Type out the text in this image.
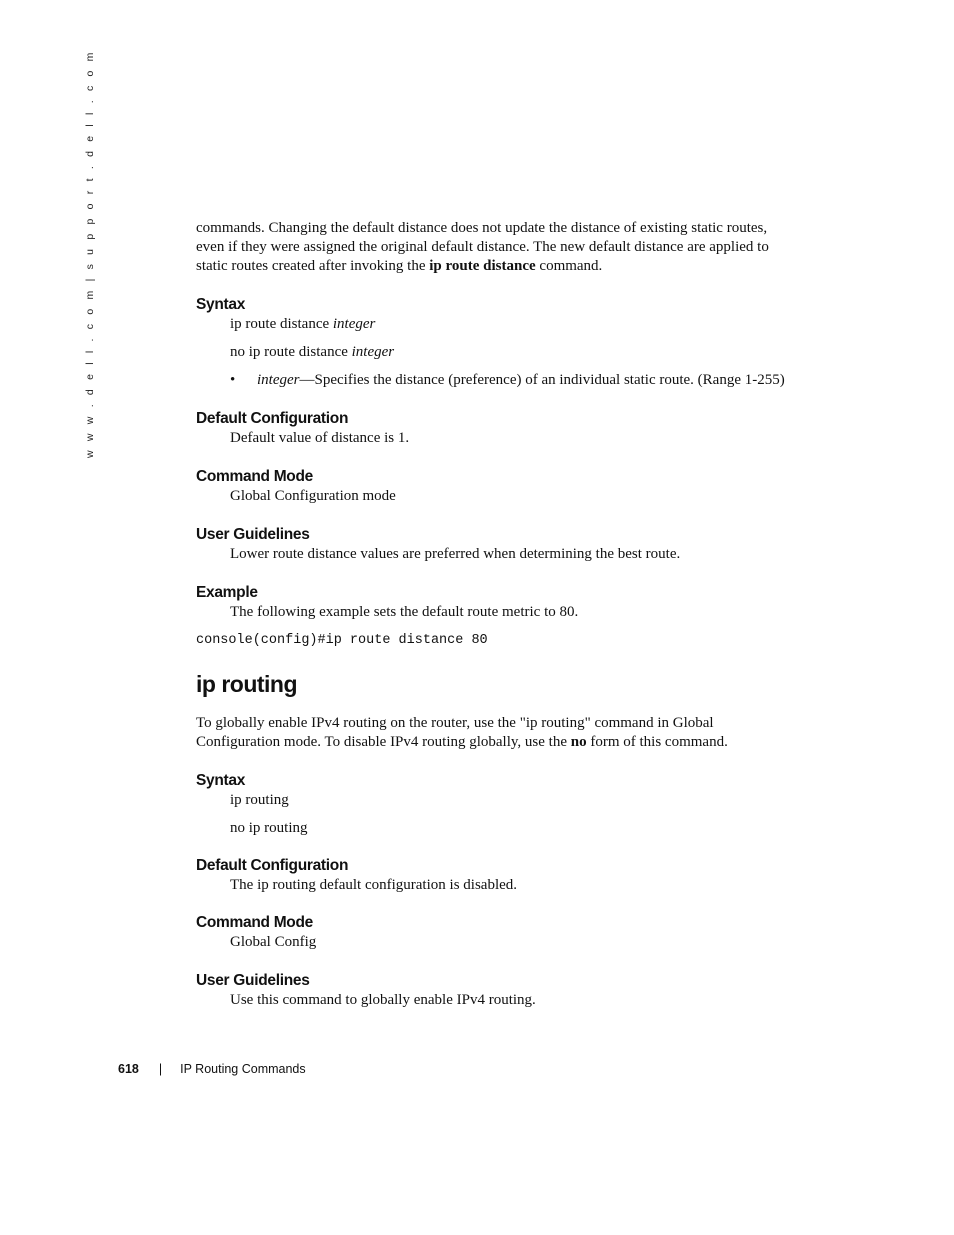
w w w . d e l l . c o m | s u p p o r t . d e l l . c o m	commands. Changing the default distance does not update the distance of existing static routes,
even if they were assigned the original default distance. The new default distance are applied to
static routes created after invoking the ip route distance command.

Syntax

ip route distance integer

no ip route distance integer

•	integer—Specifies the distance (preference) of an individual static route. (Range 1-255)
Default Configuration

Default value of distance is 1.

Command Mode

Global Configuration mode

User Guidelines

Lower route distance values are preferred when determining the best route.

Example

The following example sets the default route metric to 80.

console(config)#ip route distance 80

ip routing

To globally enable IPv4 routing on the router, use the "ip routing" command in Global
Configuration mode. To disable IPv4 routing globally, use the no form of this command.

Syntax

ip routing

no ip routing

Default Configuration

The ip routing default configuration is disabled.

Command Mode

Global Config

User Guidelines

Use this command to globally enable IPv4 routing.

618 | IP Routing Commands
